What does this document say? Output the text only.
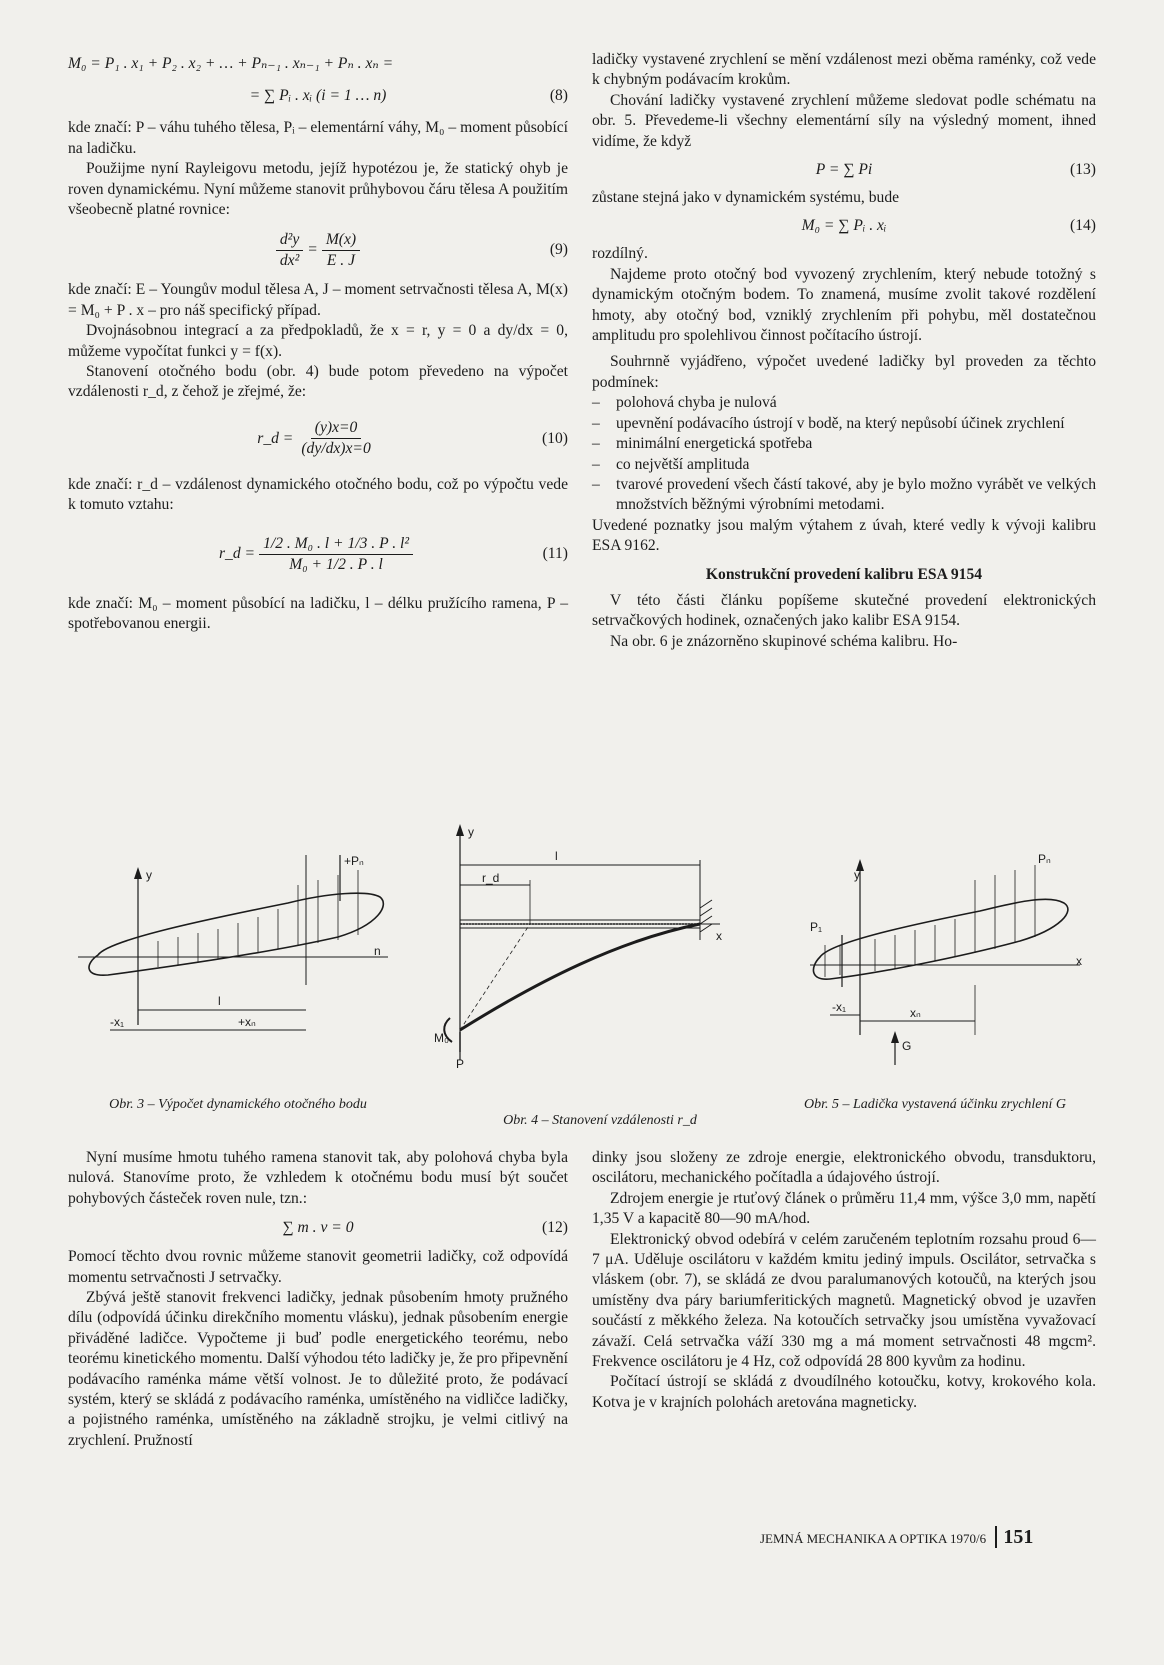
M₀ = P₁ . x₁ + P₂ . x₂ + … + Pₙ₋₁ . xₙ₋₁ + Pₙ . xₙ =
= ∑ Pᵢ . xᵢ (i = 1 … n)	(8)

kde značí: P – váhu tuhého tělesa, Pᵢ – elementární váhy, M₀ – moment působící na ladičku.

Použijme nyní Rayleigovu metodu, jejíž hypotézou je, že statický ohyb je roven dynamickému. Nyní můžeme stanovit průhybovou čáru tělesa A použitím všeobecně platné rovnice:

$\frac{\text{d²y}}{\text{dx²}} = \frac{M(x)}{E . J}$	(9)

kde značí: E – Youngův modul tělesa A, J – moment setrvačnosti tělesa A, M(x) = M₀ + P . x – pro náš specifický případ.

Dvojnásobnou integrací a za předpokladů, že x = r, y = 0 a dy/dx = 0, můžeme vypočítat funkci y = f(x).

Stanovení otočného bodu (obr. 4) bude potom převedeno na výpočet vzdálenosti r_d, z čehož je zřejmé, že:

r_d = $\frac{(y)x=0}{(dy/dx)x=0}$	(10)

kde značí: r_d – vzdálenost dynamického otočného bodu, což po výpočtu vede k tomuto vztahu:

r_d = $\frac{\text{1/2 . M₀ . l + 1/3 . P . l²}}{\text{M₀ + 1/2 . P . l}}$	(11)

kde značí: M₀ – moment působící na ladičku, l – délku pružícího ramena, P – spotřebovanou energii.

ladičky vystavené zrychlení se mění vzdálenost mezi oběma raménky, což vede k chybným podávacím krokům.

Chování ladičky vystavené zrychlení můžeme sledovat podle schématu na obr. 5. Převedeme-li všechny elementární síly na výsledný moment, ihned vidíme, že když

P = ∑ Pi	(13)

zůstane stejná jako v dynamickém systému, bude

M₀ = ∑ Pᵢ . xᵢ	(14)

rozdílný.

Najdeme proto otočný bod vyvozený zrychlením, který nebude totožný s dynamickým otočným bodem. To znamená, musíme zvolit takové rozdělení hmoty, aby otočný bod, vzniklý zrychlením při pohybu, měl dostatečnou amplitudu pro spolehlivou činnost počítacího ústrojí.

Souhrnně vyjádřeno, výpočet uvedené ladičky byl proveden za těchto podmínek:

– polohová chyba je nulová
– upevnění podávacího ústrojí v bodě, na který nepůsobí účinek zrychlení
– minimální energetická spotřeba
– co největší amplituda
– tvarové provedení všech částí takové, aby je bylo možno vyrábět ve velkých množstvích běžnými výrobními metodami.

Uvedené poznatky jsou malým výtahem z úvah, které vedly k vývoji kalibru ESA 9162.

Konstrukční provedení kalibru ESA 9154

V této části článku popíšeme skutečné provedení elektronických setrvačkových hodinek, označených jako kalibr ESA 9154.

Na obr. 6 je znázorněno skupinové schéma kalibru. Ho-

y
+Pₙ
n
l
-x₁	+xₙ
Obr. 3 – Výpočet dynamického otočného bodu
y
l
r_d
x
M₀
P
Obr. 4 – Stanovení vzdálenosti r_d
y
Pₙ
P₁
x
-x₁	xₙ
G
Obr. 5 – Ladička vystavená účinku zrychlení G

Nyní musíme hmotu tuhého ramena stanovit tak, aby polohová chyba byla nulová. Stanovíme proto, že vzhledem k otočnému bodu musí být součet pohybových částeček roven nule, tzn.:

∑ m . v = 0	(12)

Pomocí těchto dvou rovnic můžeme stanovit geometrii ladičky, což odpovídá momentu setrvačnosti J setrvačky.

Zbývá ještě stanovit frekvenci ladičky, jednak působením hmoty pružného dílu (odpovídá účinku direkčního momentu vlásku), jednak působením energie přiváděné ladičce. Vypočteme ji buď podle energetického teorému, nebo teorému kinetického momentu. Další výhodou této ladičky je, že pro připevnění podávacího raménka máme větší volnost. Je to důležité proto, že podávací systém, který se skládá z podávacího raménka, umístěného na vidličce ladičky, a pojistného raménka, umístěného na základně strojku, je velmi citlivý na zrychlení. Pružností

dinky jsou složeny ze zdroje energie, elektronického obvodu, transduktoru, oscilátoru, mechanického počítadla a údajového ústrojí.

Zdrojem energie je rtuťový článek o průměru 11,4 mm, výšce 3,0 mm, napětí 1,35 V a kapacitě 80—90 mA/hod.

Elektronický obvod odebírá v celém zaručeném teplotním rozsahu proud 6—7 μA. Uděluje oscilátoru v každém kmitu jediný impuls. Oscilátor, setrvačka s vláskem (obr. 7), se skládá ze dvou paralumanových kotoučů, na kterých jsou umístěny dva páry bariumferitických magnetů. Magnetický obvod je uzavřen součástí z měkkého železa. Na kotoučích setrvačky jsou umístěna vyvažovací závaží. Celá setrvačka váží 330 mg a má moment setrvačnosti 48 mgcm². Frekvence oscilátoru je 4 Hz, což odpovídá 28 800 kyvům za hodinu.

Počítací ústrojí se skládá z dvoudílného kotoučku, kotvy, krokového kola. Kotva je v krajních polohách aretována magneticky.

JEMNÁ MECHANIKA A OPTIKA 1970/6 151
